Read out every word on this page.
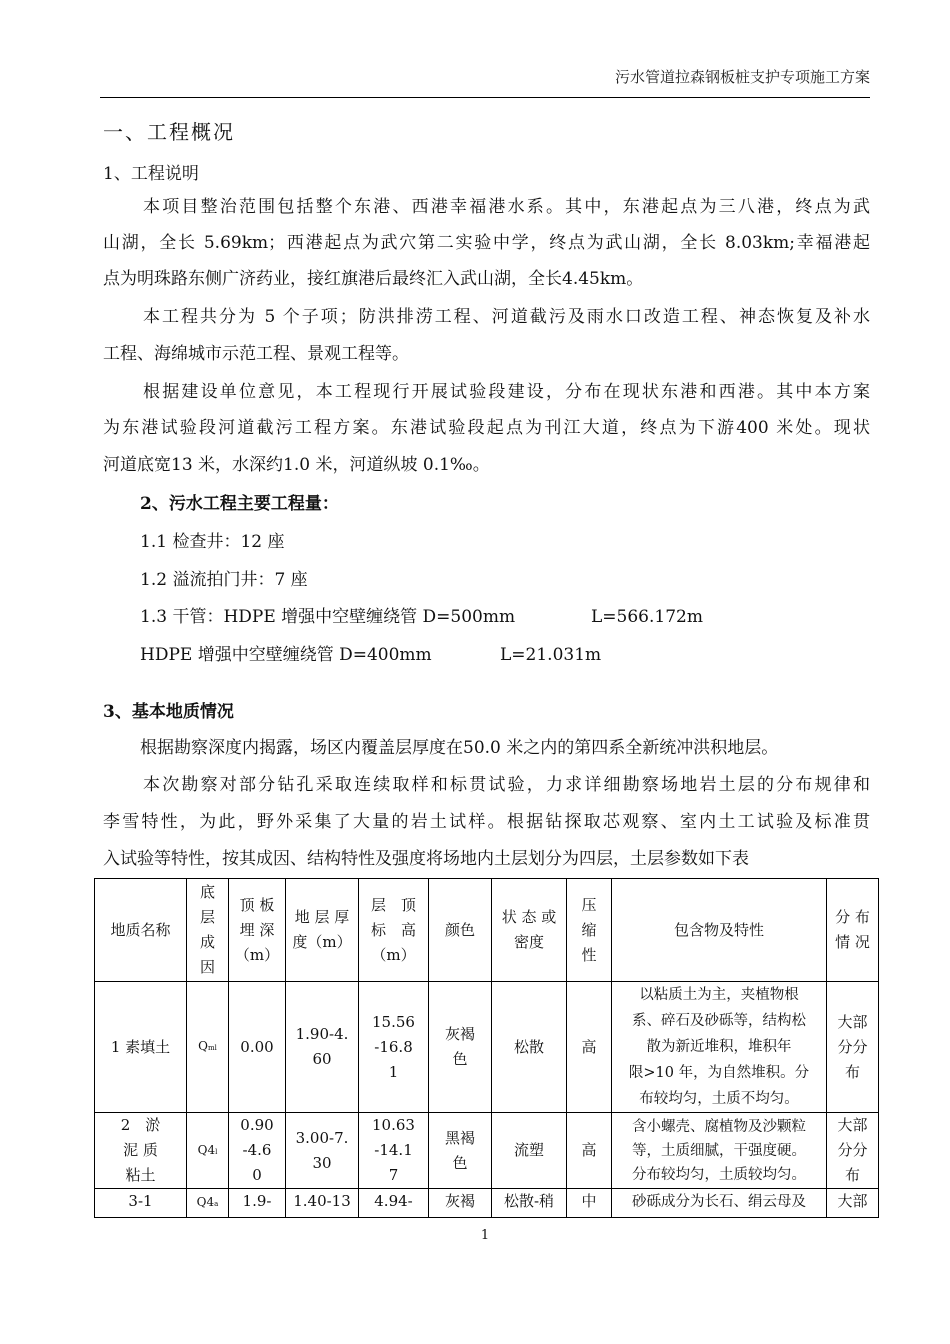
污水管道拉森钢板桩支护专项施工方案
一、工程概况
1、工程说明
本项目整治范围包括整个东港、西港幸福港水系。其中，东港起点为三八港，终点为武
山湖，全长 5.69km；西港起点为武穴第二实验中学，终点为武山湖，全长 8.03km;幸福港起
点为明珠路东侧广济药业，接红旗港后最终汇入武山湖，全长4.45km。
本工程共分为 5 个子项；防洪排涝工程、河道截污及雨水口改造工程、神态恢复及补水
工程、海绵城市示范工程、景观工程等。
根据建设单位意见，本工程现行开展试验段建设，分布在现状东港和西港。其中本方案
为东港试验段河道截污工程方案。东港试验段起点为刊江大道，终点为下游400 米处。现状
河道底宽13 米，水深约1.0 米，河道纵坡 0.1‰。
2、污水工程主要工程量：
1.1 检查井：12 座
1.2 溢流拍门井：7 座
1.3 干管：HDPE 增强中空壁缠绕管 D=500mm	L=566.172m
HDPE 增强中空壁缠绕管 D=400mm	L=21.031m
3、基本地质情况
根据勘察深度内揭露，场区内覆盖层厚度在50.0 米之内的第四系全新统冲洪积地层。
本次勘察对部分钻孔采取连续取样和标贯试验，力求详细勘察场地岩土层的分布规律和
李雪特性，为此，野外采集了大量的岩土试样。根据钻探取芯观察、室内土工试验及标准贯
入试验等特性，按其成因、结构特性及强度将场地内土层划分为四层，土层参数如下表
地质名称	底
层
成
因	顶 板
埋 深
（m）	地 层 厚
度（m）	层　顶
标　高
（m）	颜色	状 态 或
密度	压
缩
性	包含物及特性	分 布
情 况
1 素填土	Qml	0.00	1.90-4.
60	15.56
-16.8
1	灰褐
色	松散	高	以粘质土为主，夹植物根
系、碎石及砂砾等，结构松
散为新近堆积，堆积年
限>10 年，为自然堆积。分
布较均匀，土质不均匀。	大部
分分
布
2　淤
泥 质
粘土	Q4l	0.90
-4.6
0	3.00-7.
30	10.63
-14.1
7	黑褐
色	流塑	高	含小螺壳、腐植物及沙颗粒
等，土质细腻，干强度硬。
分布较均匀，土质较均匀。	大部
分分
布
3-1	Q4a	1.9-	1.40-13	4.94-	灰褐	松散-稍	中	砂砾成分为长石、绢云母及	大部
1
